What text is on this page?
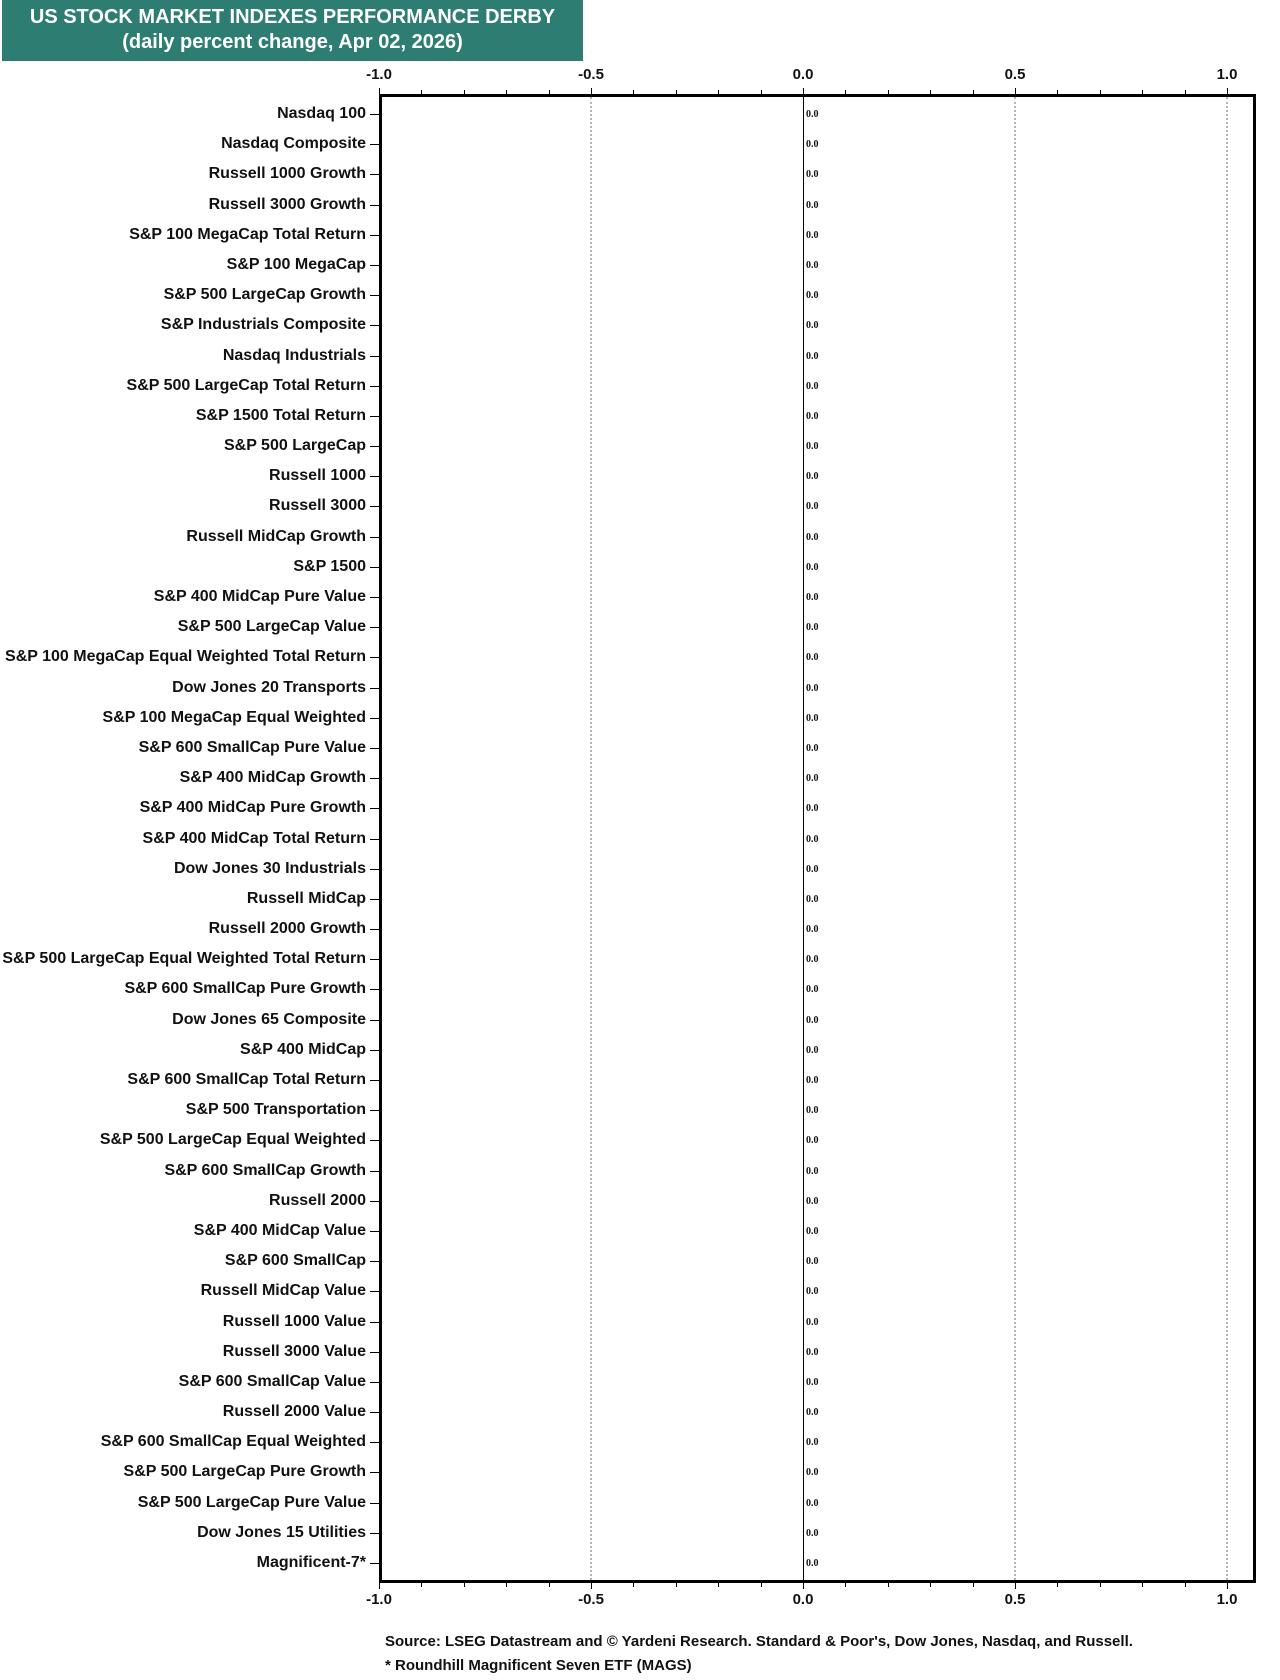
US STOCK MARKET INDEXES PERFORMANCE DERBY
(daily percent change, Apr 02, 2026)
-1.0	-0.5	0.0	0.5	1.0
-1.0	-0.5	0.0	0.5	1.0
Nasdaq 100	0.0
Nasdaq Composite	0.0
Russell 1000 Growth	0.0
Russell 3000 Growth	0.0
S&P 100 MegaCap Total Return	0.0
S&P 100 MegaCap	0.0
S&P 500 LargeCap Growth	0.0
S&P Industrials Composite	0.0
Nasdaq Industrials	0.0
S&P 500 LargeCap Total Return	0.0
S&P 1500 Total Return	0.0
S&P 500 LargeCap	0.0
Russell 1000	0.0
Russell 3000	0.0
Russell MidCap Growth	0.0
S&P 1500	0.0
S&P 400 MidCap Pure Value	0.0
S&P 500 LargeCap Value	0.0
S&P 100 MegaCap Equal Weighted Total Return	0.0
Dow Jones 20 Transports	0.0
S&P 100 MegaCap Equal Weighted	0.0
S&P 600 SmallCap Pure Value	0.0
S&P 400 MidCap Growth	0.0
S&P 400 MidCap Pure Growth	0.0
S&P 400 MidCap Total Return	0.0
Dow Jones 30 Industrials	0.0
Russell MidCap	0.0
Russell 2000 Growth	0.0
S&P 500 LargeCap Equal Weighted Total Return	0.0
S&P 600 SmallCap Pure Growth	0.0
Dow Jones 65 Composite	0.0
S&P 400 MidCap	0.0
S&P 600 SmallCap Total Return	0.0
S&P 500 Transportation	0.0
S&P 500 LargeCap Equal Weighted	0.0
S&P 600 SmallCap Growth	0.0
Russell 2000	0.0
S&P 400 MidCap Value	0.0
S&P 600 SmallCap	0.0
Russell MidCap Value	0.0
Russell 1000 Value	0.0
Russell 3000 Value	0.0
S&P 600 SmallCap Value	0.0
Russell 2000 Value	0.0
S&P 600 SmallCap Equal Weighted	0.0
S&P 500 LargeCap Pure Growth	0.0
S&P 500 LargeCap Pure Value	0.0
Dow Jones 15 Utilities	0.0
Magnificent-7*	0.0
Source: LSEG Datastream and © Yardeni Research. Standard & Poor's, Dow Jones, Nasdaq, and Russell.
* Roundhill Magnificent Seven ETF (MAGS)
